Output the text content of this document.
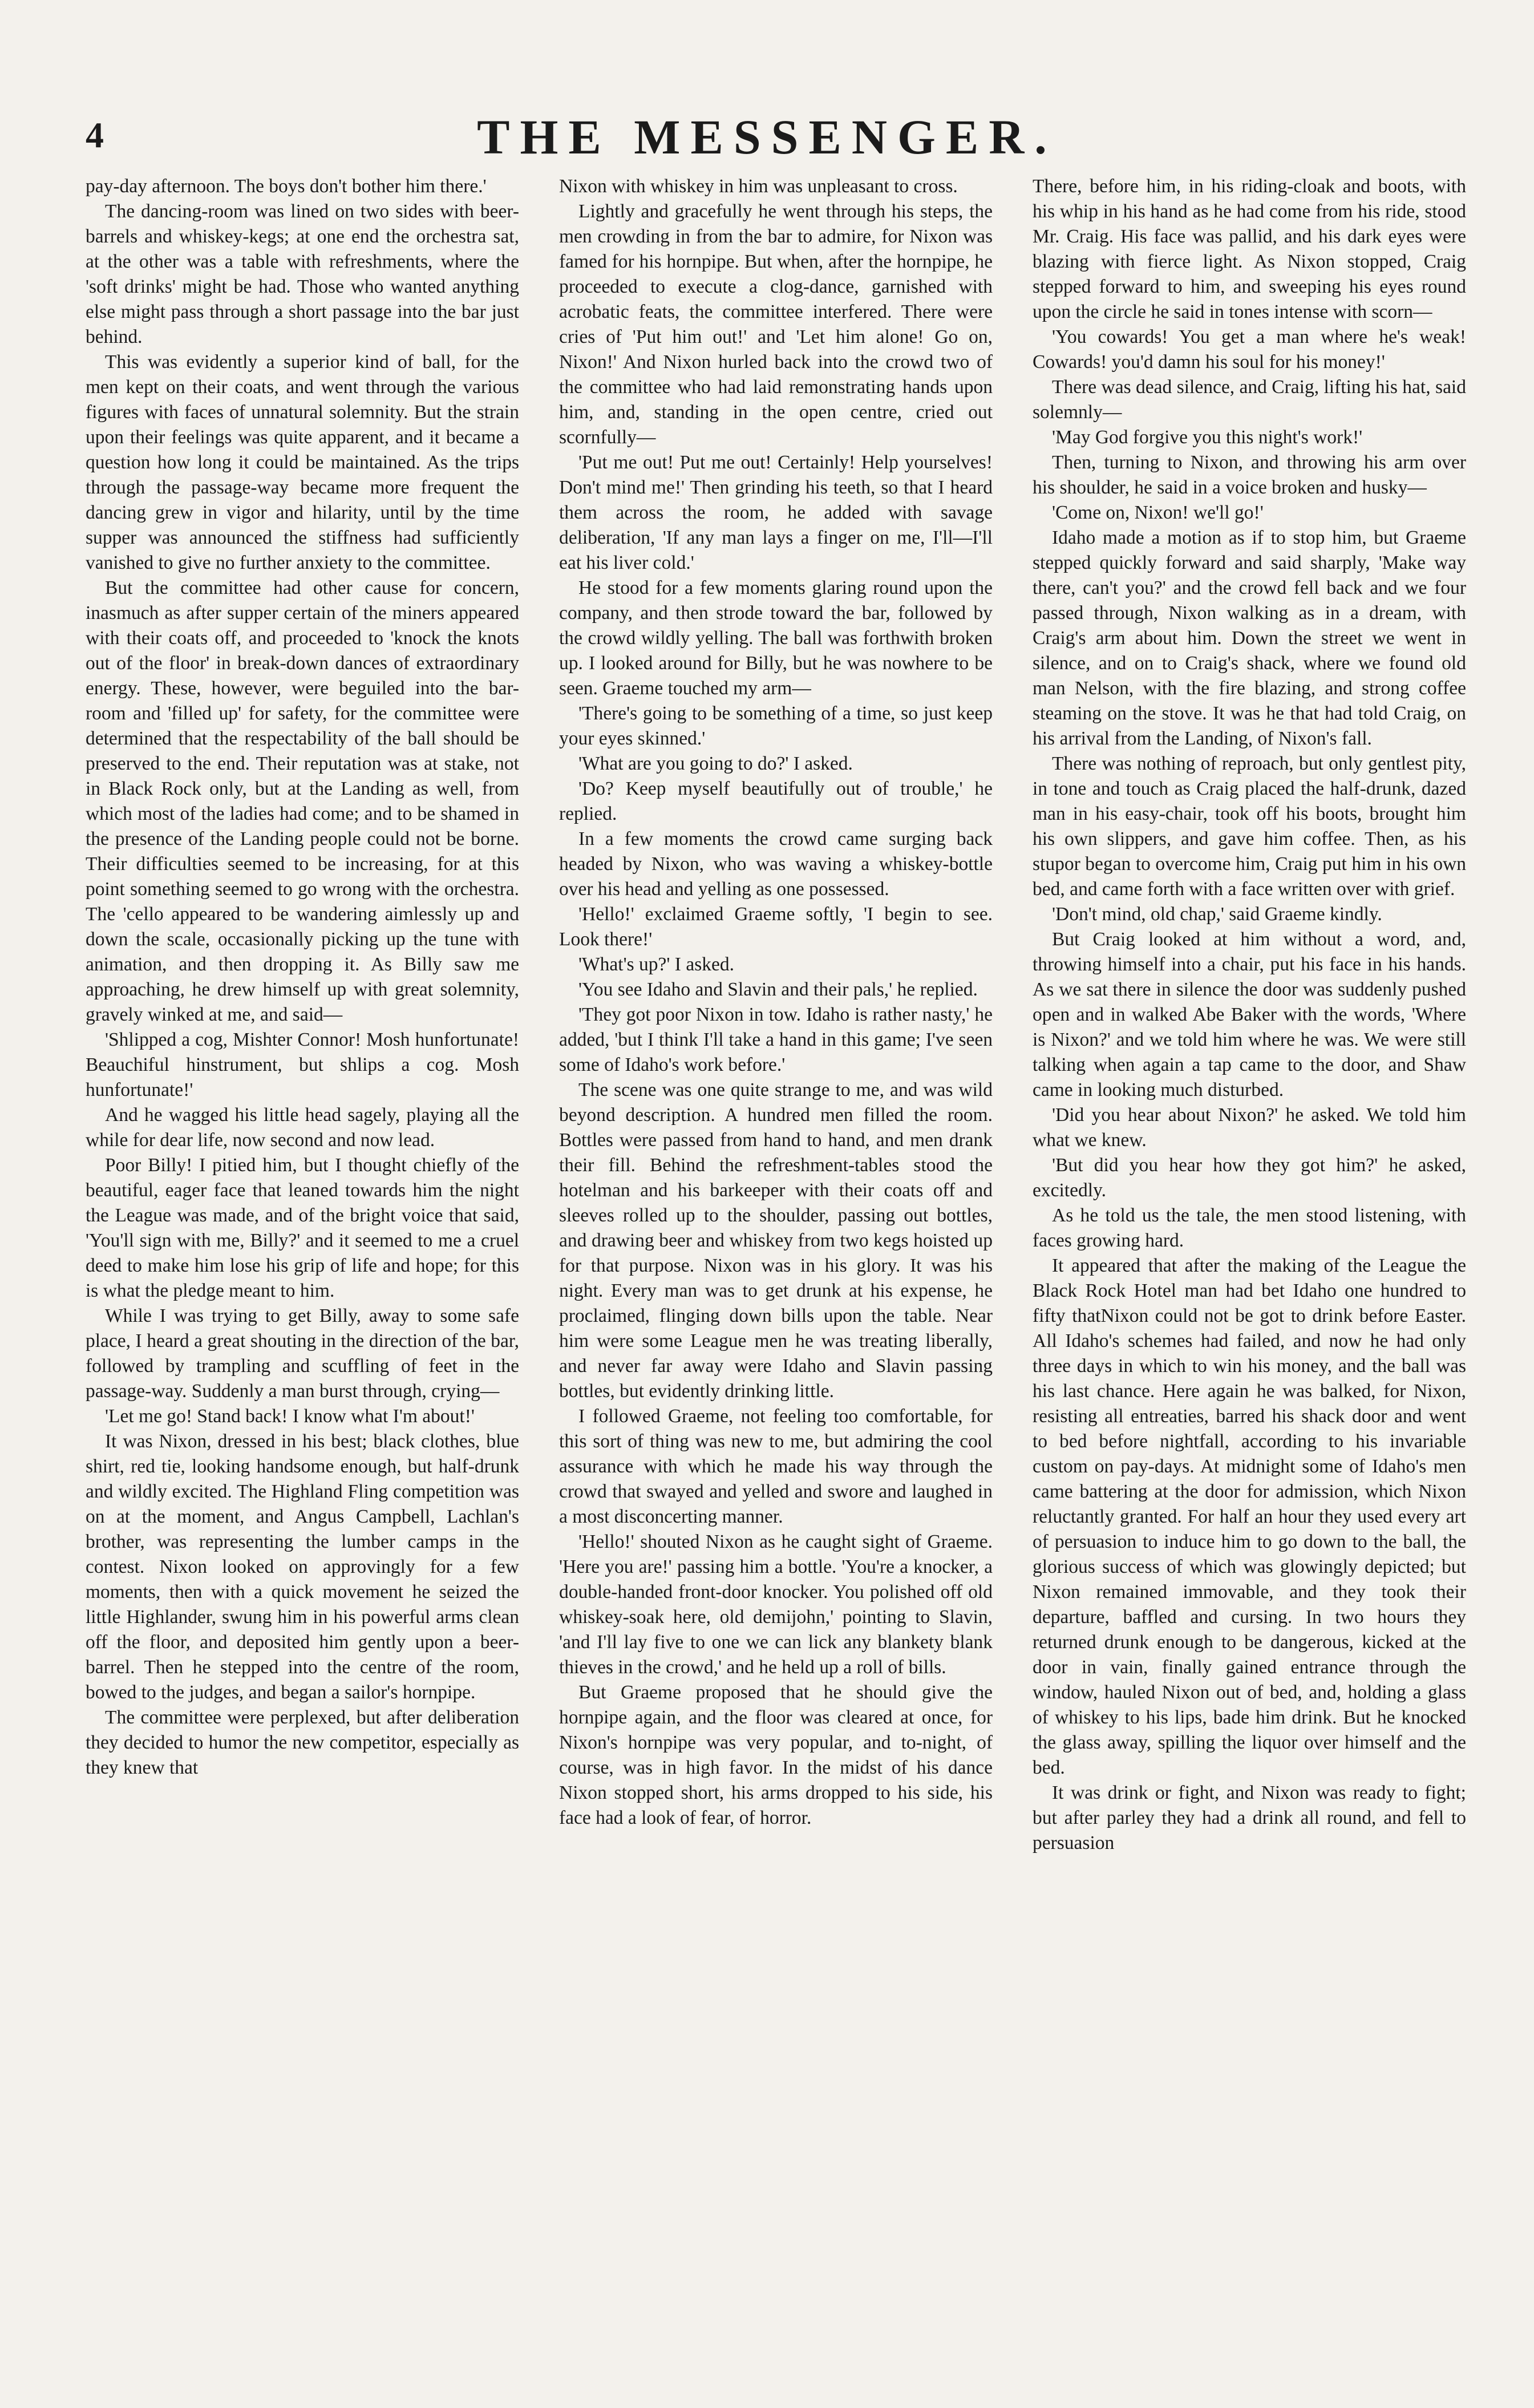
4	THE MESSENGER.

pay-day afternoon. The boys don't bother him there.'

The dancing-room was lined on two sides with beer-barrels and whiskey-kegs; at one end the orchestra sat, at the other was a table with refreshments, where the 'soft drinks' might be had. Those who wanted anything else might pass through a short passage into the bar just behind.

This was evidently a superior kind of ball, for the men kept on their coats, and went through the various figures with faces of unnatural solemnity. But the strain upon their feelings was quite apparent, and it became a question how long it could be maintained. As the trips through the passage-way became more frequent the dancing grew in vigor and hilarity, until by the time supper was announced the stiffness had sufficiently vanished to give no further anxiety to the committee.

But the committee had other cause for concern, inasmuch as after supper certain of the miners appeared with their coats off, and proceeded to 'knock the knots out of the floor' in break-down dances of extraordinary energy. These, however, were beguiled into the bar-room and 'filled up' for safety, for the committee were determined that the respectability of the ball should be preserved to the end. Their reputation was at stake, not in Black Rock only, but at the Landing as well, from which most of the ladies had come; and to be shamed in the presence of the Landing people could not be borne. Their difficulties seemed to be increasing, for at this point something seemed to go wrong with the orchestra. The 'cello appeared to be wandering aimlessly up and down the scale, occasionally picking up the tune with animation, and then dropping it. As Billy saw me approaching, he drew himself up with great solemnity, gravely winked at me, and said—

'Shlipped a cog, Mishter Connor! Mosh hunfortunate! Beauchiful hinstrument, but shlips a cog. Mosh hunfortunate!'

And he wagged his little head sagely, playing all the while for dear life, now second and now lead.

Poor Billy! I pitied him, but I thought chiefly of the beautiful, eager face that leaned towards him the night the League was made, and of the bright voice that said, 'You'll sign with me, Billy?' and it seemed to me a cruel deed to make him lose his grip of life and hope; for this is what the pledge meant to him.

While I was trying to get Billy, away to some safe place, I heard a great shouting in the direction of the bar, followed by trampling and scuffling of feet in the passage-way. Suddenly a man burst through, crying—

'Let me go! Stand back! I know what I'm about!'

It was Nixon, dressed in his best; black clothes, blue shirt, red tie, looking handsome enough, but half-drunk and wildly excited. The Highland Fling competition was on at the moment, and Angus Campbell, Lachlan's brother, was representing the lumber camps in the contest. Nixon looked on approvingly for a few moments, then with a quick movement he seized the little Highlander, swung him in his powerful arms clean off the floor, and deposited him gently upon a beer-barrel. Then he stepped into the centre of the room, bowed to the judges, and began a sailor's hornpipe.

The committee were perplexed, but after deliberation they decided to humor the new competitor, especially as they knew that

Nixon with whiskey in him was unpleasant to cross.

Lightly and gracefully he went through his steps, the men crowding in from the bar to admire, for Nixon was famed for his hornpipe. But when, after the hornpipe, he proceeded to execute a clog-dance, garnished with acrobatic feats, the committee interfered. There were cries of 'Put him out!' and 'Let him alone! Go on, Nixon!' And Nixon hurled back into the crowd two of the committee who had laid remonstrating hands upon him, and, standing in the open centre, cried out scornfully—

'Put me out! Put me out! Certainly! Help yourselves! Don't mind me!' Then grinding his teeth, so that I heard them across the room, he added with savage deliberation, 'If any man lays a finger on me, I'll—I'll eat his liver cold.'

He stood for a few moments glaring round upon the company, and then strode toward the bar, followed by the crowd wildly yelling. The ball was forthwith broken up. I looked around for Billy, but he was nowhere to be seen. Graeme touched my arm—

'There's going to be something of a time, so just keep your eyes skinned.'

'What are you going to do?' I asked.

'Do? Keep myself beautifully out of trouble,' he replied.

In a few moments the crowd came surging back headed by Nixon, who was waving a whiskey-bottle over his head and yelling as one possessed.

'Hello!' exclaimed Graeme softly, 'I begin to see. Look there!'

'What's up?' I asked.

'You see Idaho and Slavin and their pals,' he replied.

'They got poor Nixon in tow. Idaho is rather nasty,' he added, 'but I think I'll take a hand in this game; I've seen some of Idaho's work before.'

The scene was one quite strange to me, and was wild beyond description. A hundred men filled the room. Bottles were passed from hand to hand, and men drank their fill. Behind the refreshment-tables stood the hotelman and his barkeeper with their coats off and sleeves rolled up to the shoulder, passing out bottles, and drawing beer and whiskey from two kegs hoisted up for that purpose. Nixon was in his glory. It was his night. Every man was to get drunk at his expense, he proclaimed, flinging down bills upon the table. Near him were some League men he was treating liberally, and never far away were Idaho and Slavin passing bottles, but evidently drinking little.

I followed Graeme, not feeling too comfortable, for this sort of thing was new to me, but admiring the cool assurance with which he made his way through the crowd that swayed and yelled and swore and laughed in a most disconcerting manner.

'Hello!' shouted Nixon as he caught sight of Graeme. 'Here you are!' passing him a bottle. 'You're a knocker, a double-handed front-door knocker. You polished off old whiskey-soak here, old demijohn,' pointing to Slavin, 'and I'll lay five to one we can lick any blankety blank thieves in the crowd,' and he held up a roll of bills.

But Graeme proposed that he should give the hornpipe again, and the floor was cleared at once, for Nixon's hornpipe was very popular, and to-night, of course, was in high favor. In the midst of his dance Nixon stopped short, his arms dropped to his side, his face had a look of fear, of horror.

There, before him, in his riding-cloak and boots, with his whip in his hand as he had come from his ride, stood Mr. Craig. His face was pallid, and his dark eyes were blazing with fierce light. As Nixon stopped, Craig stepped forward to him, and sweeping his eyes round upon the circle he said in tones intense with scorn—

'You cowards! You get a man where he's weak! Cowards! you'd damn his soul for his money!'

There was dead silence, and Craig, lifting his hat, said solemnly—

'May God forgive you this night's work!'

Then, turning to Nixon, and throwing his arm over his shoulder, he said in a voice broken and husky—

'Come on, Nixon! we'll go!'

Idaho made a motion as if to stop him, but Graeme stepped quickly forward and said sharply, 'Make way there, can't you?' and the crowd fell back and we four passed through, Nixon walking as in a dream, with Craig's arm about him. Down the street we went in silence, and on to Craig's shack, where we found old man Nelson, with the fire blazing, and strong coffee steaming on the stove. It was he that had told Craig, on his arrival from the Landing, of Nixon's fall.

There was nothing of reproach, but only gentlest pity, in tone and touch as Craig placed the half-drunk, dazed man in his easy-chair, took off his boots, brought him his own slippers, and gave him coffee. Then, as his stupor began to overcome him, Craig put him in his own bed, and came forth with a face written over with grief.

'Don't mind, old chap,' said Graeme kindly.

But Craig looked at him without a word, and, throwing himself into a chair, put his face in his hands. As we sat there in silence the door was suddenly pushed open and in walked Abe Baker with the words, 'Where is Nixon?' and we told him where he was. We were still talking when again a tap came to the door, and Shaw came in looking much disturbed.

'Did you hear about Nixon?' he asked. We told him what we knew.

'But did you hear how they got him?' he asked, excitedly.

As he told us the tale, the men stood listening, with faces growing hard.

It appeared that after the making of the League the Black Rock Hotel man had bet Idaho one hundred to fifty thatNixon could not be got to drink before Easter. All Idaho's schemes had failed, and now he had only three days in which to win his money, and the ball was his last chance. Here again he was balked, for Nixon, resisting all entreaties, barred his shack door and went to bed before nightfall, according to his invariable custom on pay-days. At midnight some of Idaho's men came battering at the door for admission, which Nixon reluctantly granted. For half an hour they used every art of persuasion to induce him to go down to the ball, the glorious success of which was glowingly depicted; but Nixon remained immovable, and they took their departure, baffled and cursing. In two hours they returned drunk enough to be dangerous, kicked at the door in vain, finally gained entrance through the window, hauled Nixon out of bed, and, holding a glass of whiskey to his lips, bade him drink. But he knocked the glass away, spilling the liquor over himself and the bed.

It was drink or fight, and Nixon was ready to fight; but after parley they had a drink all round, and fell to persuasion
